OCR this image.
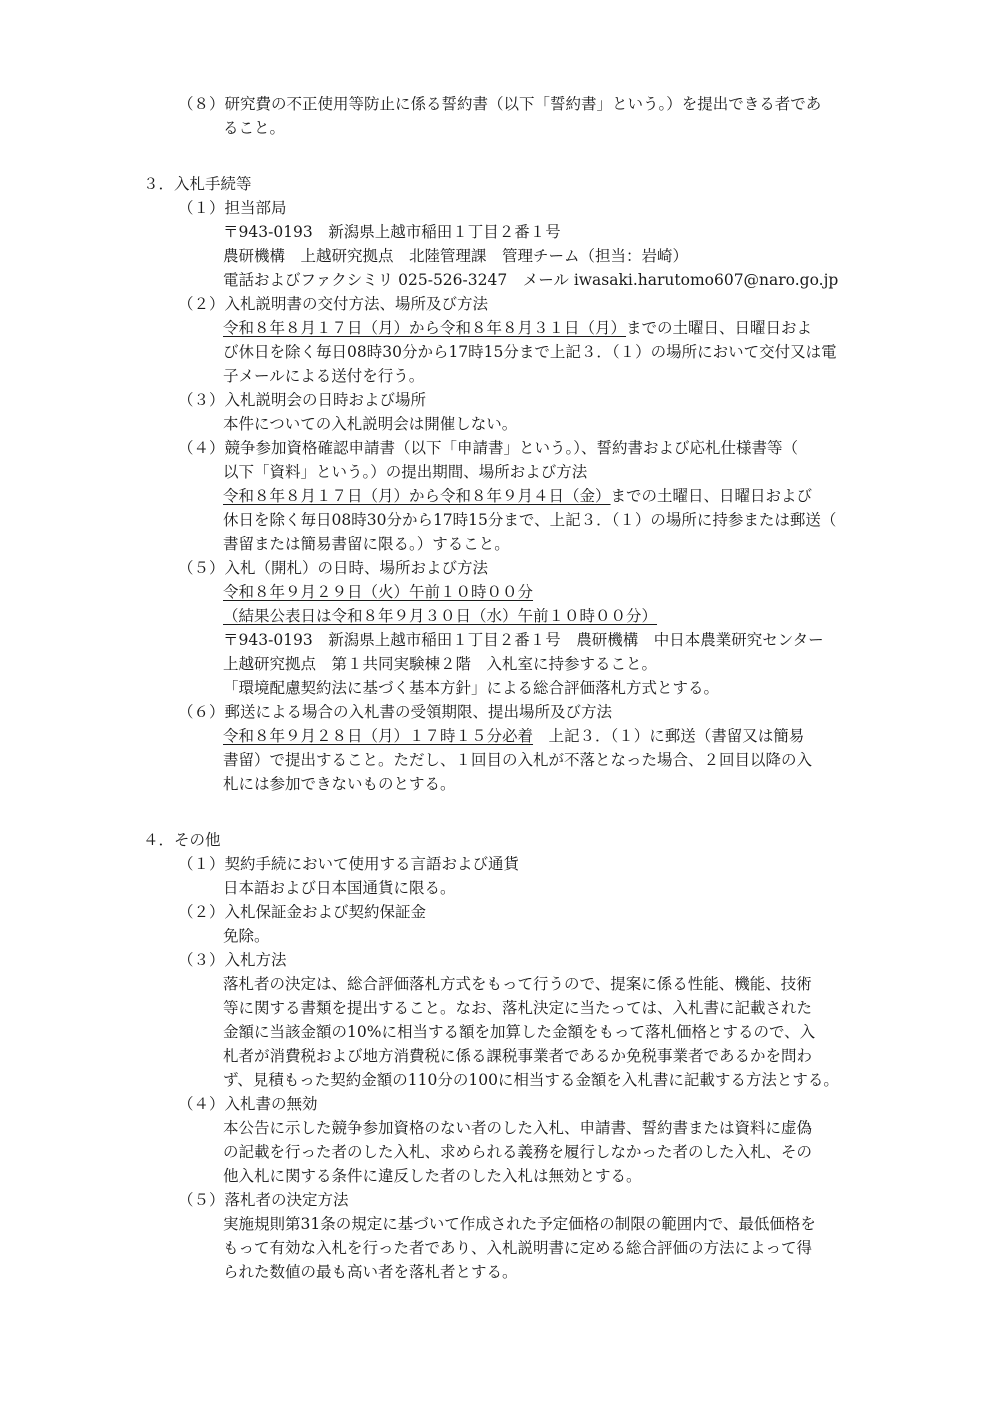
（８）研究費の不正使用等防止に係る誓約書（以下「誓約書」という。）を提出できる者であ
ること。
３．入札手続等
（１）担当部局
〒943-0193　新潟県上越市稲田１丁目２番１号
農研機構　上越研究拠点　北陸管理課　管理チーム（担当：岩崎）
電話およびファクシミリ 025-526-3247　メール iwasaki.harutomo607@naro.go.jp
（２）入札説明書の交付方法、場所及び方法
令和８年８月１７日（月）から令和８年８月３１日（月）までの土曜日、日曜日およ
び休日を除く毎日08時30分から17時15分まで上記３．（１）の場所において交付又は電
子メールによる送付を行う。
（３）入札説明会の日時および場所
本件についての入札説明会は開催しない。
（４）競争参加資格確認申請書（以下「申請書」という。）、誓約書および応札仕様書等（
以下「資料」という。）の提出期間、場所および方法
令和８年８月１７日（月）から令和８年９月４日（金）までの土曜日、日曜日および
休日を除く毎日08時30分から17時15分まで、上記３．（１）の場所に持参または郵送（
書留または簡易書留に限る。）すること。
（５）入札（開札）の日時、場所および方法
令和８年９月２９日（火）午前１０時００分
（結果公表日は令和８年９月３０日（水）午前１０時００分）
〒943-0193　新潟県上越市稲田１丁目２番１号　農研機構　中日本農業研究センター
上越研究拠点　第１共同実験棟２階　入札室に持参すること。
「環境配慮契約法に基づく基本方針」による総合評価落札方式とする。
（６）郵送による場合の入札書の受領期限、提出場所及び方法
令和８年９月２８日（月）１７時１５分必着　上記３．（１）に郵送（書留又は簡易
書留）で提出すること。ただし、１回目の入札が不落となった場合、２回目以降の入
札には参加できないものとする。
４．その他
（１）契約手続において使用する言語および通貨
日本語および日本国通貨に限る。
（２）入札保証金および契約保証金
免除。
（３）入札方法
落札者の決定は、総合評価落札方式をもって行うので、提案に係る性能、機能、技術
等に関する書類を提出すること。なお、落札決定に当たっては、入札書に記載された
金額に当該金額の10%に相当する額を加算した金額をもって落札価格とするので、入
札者が消費税および地方消費税に係る課税事業者であるか免税事業者であるかを問わ
ず、見積もった契約金額の110分の100に相当する金額を入札書に記載する方法とする。
（４）入札書の無効
本公告に示した競争参加資格のない者のした入札、申請書、誓約書または資料に虚偽
の記載を行った者のした入札、求められる義務を履行しなかった者のした入札、その
他入札に関する条件に違反した者のした入札は無効とする。
（５）落札者の決定方法
実施規則第31条の規定に基づいて作成された予定価格の制限の範囲内で、最低価格を
もって有効な入札を行った者であり、入札説明書に定める総合評価の方法によって得
られた数値の最も高い者を落札者とする。
